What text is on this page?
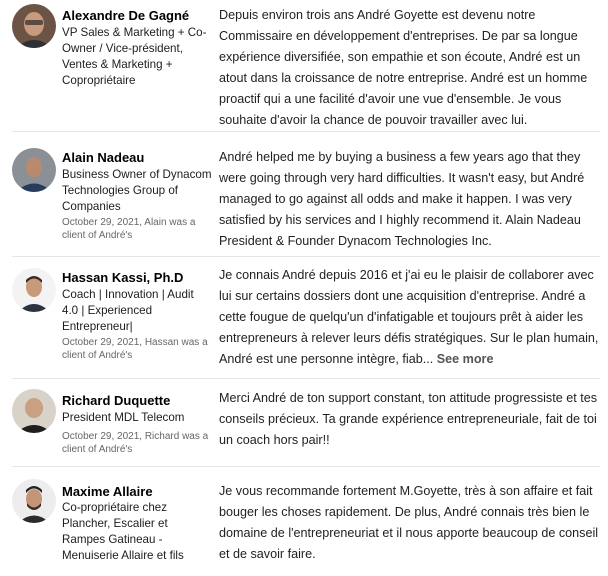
Alexandre De Gagné
VP Sales & Marketing + Co-Owner / Vice-président, Ventes & Marketing + Copropriétaire
Depuis environ trois ans André Goyette est devenu notre Commissaire en développement d'entreprises. De par sa longue expérience diversifiée, son empathie et son écoute, André est un atout dans la croissance de notre entreprise. André est un homme proactif qui a une facilité d'avoir une vue d'ensemble. Je vous souhaite d'avoir la chance de pouvoir travailler avec lui.
Alain Nadeau
Business Owner of Dynacom Technologies Group of Companies
October 29, 2021, Alain was a client of André's
André helped me by buying a business a few years ago that they were going through very hard difficulties. It wasn't easy, but André managed to go against all odds and make it happen. I was very satisfied by his services and I highly recommend it. Alain Nadeau President & Founder Dynacom Technologies Inc.
Hassan Kassi, Ph.D
Coach | Innovation | Audit 4.0 | Experienced Entrepreneur|
October 29, 2021, Hassan was a client of André's
Je connais André depuis 2016 et j'ai eu le plaisir de collaborer avec lui sur certains dossiers dont une acquisition d'entreprise. André a cette fougue de quelqu'un d'infatigable et toujours prêt à aider les entrepreneurs à relever leurs défis stratégiques. Sur le plan humain, André est une personne intègre, fiab... See more
Richard Duquette
President MDL Telecom
October 29, 2021, Richard was a client of André's
Merci André de ton support constant, ton attitude progressiste et tes conseils précieux. Ta grande expérience entrepreneuriale, fait de toi un coach hors pair!!
Maxime Allaire
Co-propriétaire chez Plancher, Escalier et Rampes Gatineau - Menuiserie Allaire et fils
Je vous recommande fortement M.Goyette, très à son affaire et fait bouger les choses rapidement. De plus, André connais très bien le domaine de l'entrepreneuriat et il nous apporte beaucoup de conseil et de savoir faire.
